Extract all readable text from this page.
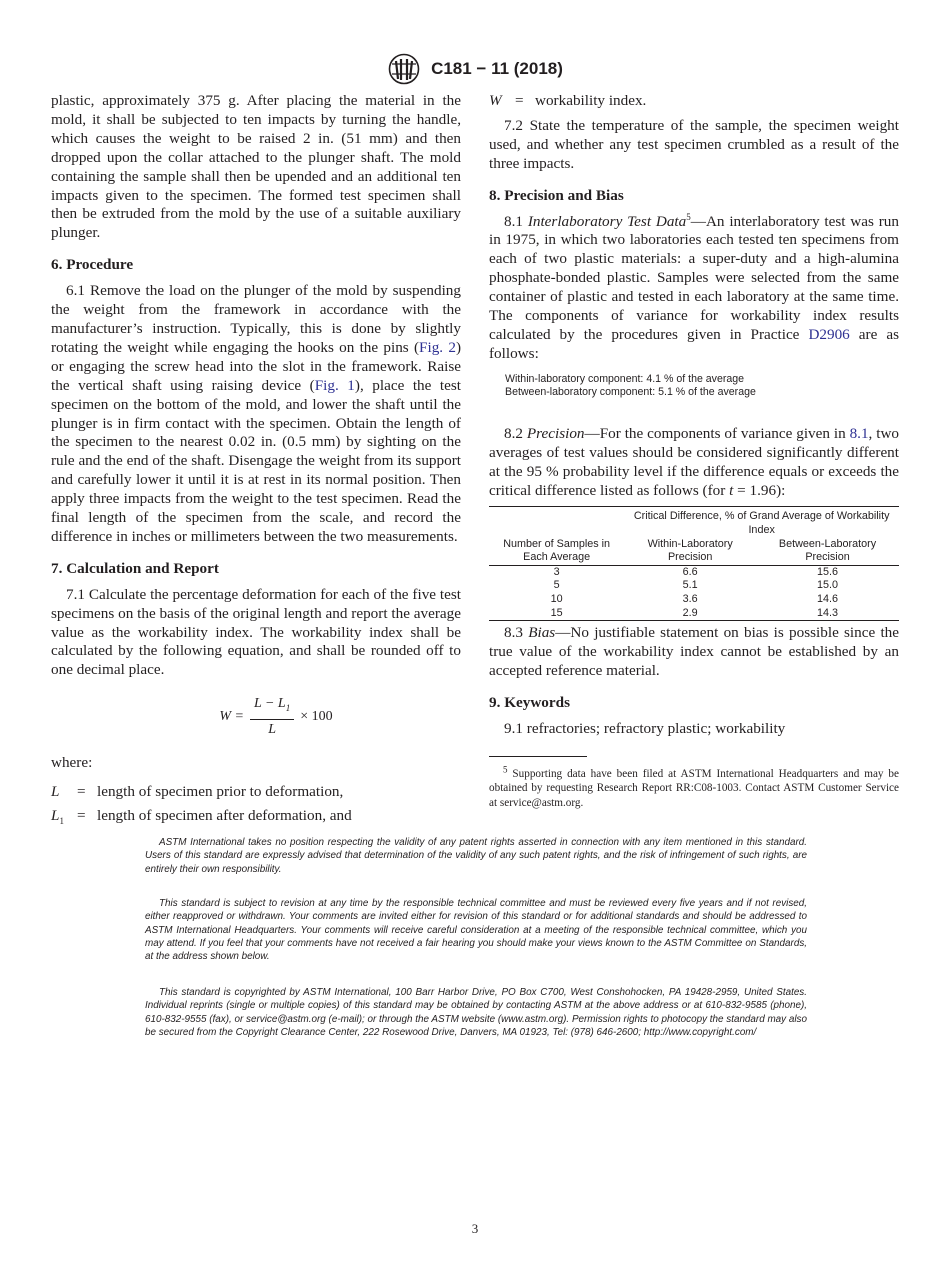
C181 − 11 (2018)

plastic, approximately 375 g. After placing the material in the mold, it shall be subjected to ten impacts by turning the handle, which causes the weight to be raised 2 in. (51 mm) and then dropped upon the collar attached to the plunger shaft. The mold containing the sample shall then be upended and an additional ten impacts given to the specimen. The formed test specimen shall then be extruded from the mold by the use of a suitable auxiliary plunger.

6. Procedure

6.1 Remove the load on the plunger of the mold by suspending the weight from the framework in accordance with the manufacturer’s instruction. Typically, this is done by slightly rotating the weight while engaging the hooks on the pins (Fig. 2) or engaging the screw head into the slot in the framework. Raise the vertical shaft using raising device (Fig. 1), place the test specimen on the bottom of the mold, and lower the shaft until the plunger is in firm contact with the specimen. Obtain the length of the specimen to the nearest 0.02 in. (0.5 mm) by sighting on the rule and the end of the shaft. Disengage the weight from its support and carefully lower it until it is at rest in its normal position. Then apply three impacts from the weight to the test specimen. Read the final length of the specimen from the scale, and record the difference in inches or millimeters between the two measurements.

7. Calculation and Report

7.1 Calculate the percentage deformation for each of the five test specimens on the basis of the original length and report the average value as the workability index. The workability index shall be calculated by the following equation, and shall be rounded off to one decimal place.

$W = \frac{L - L_1}{L} \times 100$
where:
L	= length of specimen prior to deformation,
$L_1$ = length of specimen after deformation, and
W = workability index.

7.2 State the temperature of the sample, the specimen weight used, and whether any test specimen crumbled as a result of the three impacts.

8. Precision and Bias

8.1 Interlaboratory Test Data$^5$—An interlaboratory test was run in 1975, in which two laboratories each tested ten specimens from each of two plastic materials: a super-duty and a high-alumina phosphate-bonded plastic. Samples were selected from the same container of plastic and tested in each laboratory at the same time. The components of variance for workability index results calculated by the procedures given in Practice D2906 are as follows:

Within-laboratory component: 4.1 % of the average
Between-laboratory component: 5.1 % of the average

8.2 Precision—For the components of variance given in 8.1, two averages of test values should be considered significantly different at the 95 % probability level if the difference equals or exceeds the critical difference listed as follows (for t = 1.96):

	Critical Difference, % of Grand Average of Workability Index	
Number of Samples in Each Average	Within-Laboratory Precision	Between-Laboratory Precision
3	6.6	15.6
5	5.1	15.0
10	3.6	14.6
15	2.9	14.3

8.3 Bias—No justifiable statement on bias is possible since the true value of the workability index cannot be established by an accepted reference material.

9. Keywords

9.1 refractories; refractory plastic; workability

$^5$ Supporting data have been filed at ASTM International Headquarters and may be obtained by requesting Research Report RR:C08-1003. Contact ASTM Customer Service at service@astm.org.

ASTM International takes no position respecting the validity of any patent rights asserted in connection with any item mentioned in this standard. Users of this standard are expressly advised that determination of the validity of any such patent rights, and the risk of infringement of such rights, are entirely their own responsibility.

This standard is subject to revision at any time by the responsible technical committee and must be reviewed every five years and if not revised, either reapproved or withdrawn. Your comments are invited either for revision of this standard or for additional standards and should be addressed to ASTM International Headquarters. Your comments will receive careful consideration at a meeting of the responsible technical committee, which you may attend. If you feel that your comments have not received a fair hearing you should make your views known to the ASTM Committee on Standards, at the address shown below.

This standard is copyrighted by ASTM International, 100 Barr Harbor Drive, PO Box C700, West Conshohocken, PA 19428-2959, United States. Individual reprints (single or multiple copies) of this standard may be obtained by contacting ASTM at the above address or at 610-832-9585 (phone), 610-832-9555 (fax), or service@astm.org (e-mail); or through the ASTM website (www.astm.org). Permission rights to photocopy the standard may also be secured from the Copyright Clearance Center, 222 Rosewood Drive, Danvers, MA 01923, Tel: (978) 646-2600; http://www.copyright.com/

3
